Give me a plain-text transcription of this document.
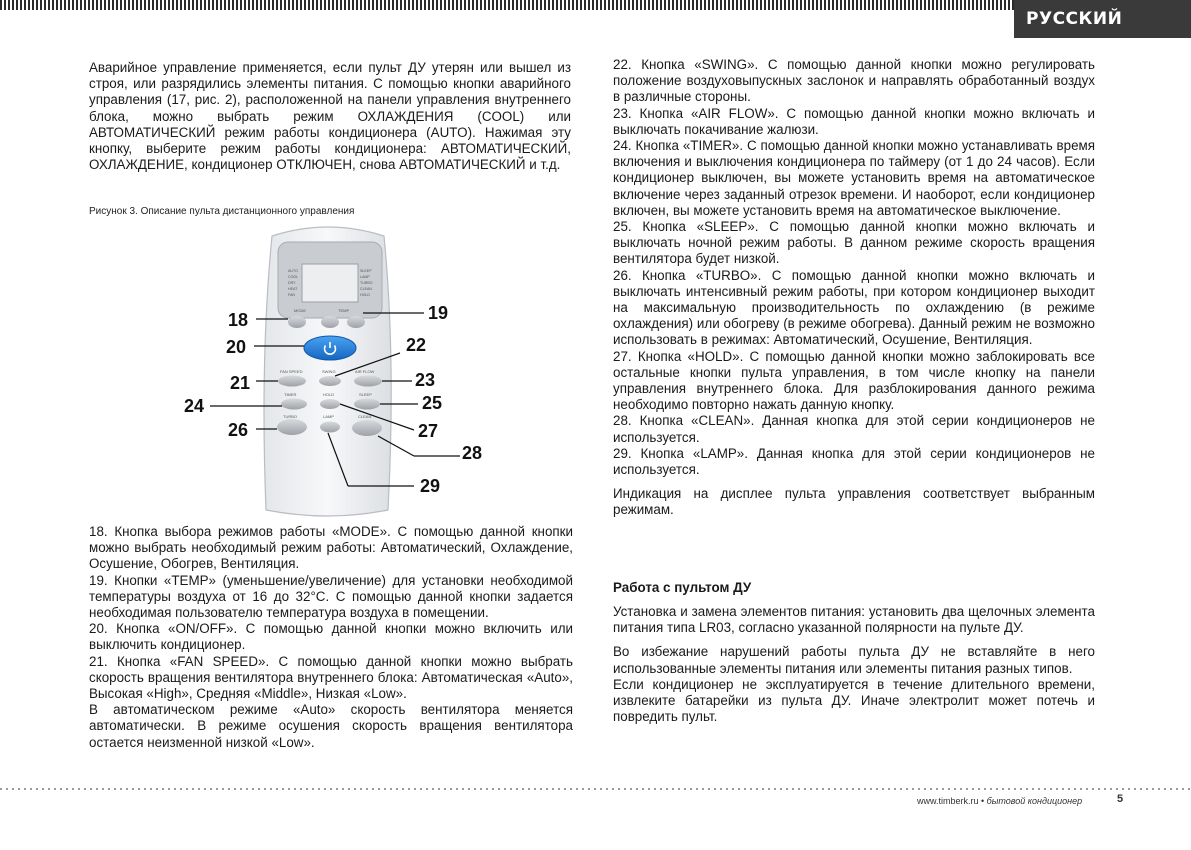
РУССКИЙ

Аварийное управление применяется, если пульт ДУ утерян или вышел из строя, или разрядились элементы питания. С помощью кнопки аварийного управления (17, рис. 2), расположенной на панели управления внутреннего блока, можно выбрать режим ОХЛАЖДЕНИЯ (COOL) или АВТОМАТИЧЕСКИЙ режим работы кондиционера (AUTO). Нажимая эту кнопку, выберите режим работы кондиционера: АВТОМАТИЧЕСКИЙ, ОХЛАЖДЕНИЕ, кондиционер ОТКЛЮЧЕН, снова АВТОМАТИЧЕСКИЙ и т.д.

Рисунок 3. Описание пульта дистанционного управления
AUTO
COOL
DRY
HEAT
FAN
SLEEP
LAMP
TURBO
CLEAN
HOLD
MODE	TEMP
FAN SPEED	SWING	AIR FLOW
TIMER	HOLD	SLEEP
TURBO	LAMP	CLEAN
18	19
20	22
21	23
24	25
26	27
28
29

18. Кнопка выбора режимов работы «MODE». С помощью данной кнопки можно выбрать необходимый режим работы: Автоматический, Охлаждение, Осушение, Обогрев, Вентиляция.

19. Кнопки «TEMP» (уменьшение/увеличение) для установки необходимой температуры воздуха от 16 до 32°C. С помощью данной кнопки задается необходимая пользователю температура воздуха в помещении.

20. Кнопка «ON/OFF». С помощью данной кнопки можно включить или выключить кондиционер.

21. Кнопка «FAN SPEED». С помощью данной кнопки можно выбрать скорость вращения вентилятора внутреннего блока: Автоматическая «Auto», Высокая «High», Средняя «Middle», Низкая «Low».

В автоматическом режиме «Auto» скорость вентилятора меняется автоматически. В режиме осушения скорость вращения вентилятора остается неизменной низкой «Low».

22. Кнопка «SWING». С помощью данной кнопки можно регулировать положение воздуховыпускных заслонок и направлять обработанный воздух в различные стороны.

23. Кнопка «AIR FLOW». С помощью данной кнопки можно включать и выключать покачивание жалюзи.

24. Кнопка «TIMER». С помощью данной кнопки можно устанавливать время включения и выключения кондиционера по таймеру (от 1 до 24 часов). Если кондиционер выключен, вы можете установить время на автоматическое включение через заданный отрезок времени. И наоборот, если кондиционер включен, вы можете установить время на автоматическое выключение.

25. Кнопка «SLEEP». С помощью данной кнопки можно включать и выключать ночной режим работы. В данном режиме скорость вращения вентилятора будет низкой.

26. Кнопка «TURBO». С помощью данной кнопки можно включать и выключать интенсивный режим работы, при котором кондиционер выходит на максимальную производительность по охлаждению (в режиме охлаждения) или обогреву (в режиме обогрева). Данный режим не возможно использовать в режимах: Автоматический, Осушение, Вентиляция.

27. Кнопка «HOLD». С помощью данной кнопки можно заблокировать все остальные кнопки пульта управления, в том числе кнопку на панели управления внутреннего блока. Для разблокирования данного режима необходимо повторно нажать данную кнопку.

28. Кнопка «CLEAN». Данная кнопка для этой серии кондиционеров не используется.

29. Кнопка «LAMP». Данная кнопка для этой серии кондиционеров не используется.

Индикация на дисплее пульта управления соответствует выбранным режимам.

Работа с пультом ДУ

Установка и замена элементов питания: установить два щелочных элемента питания типа LR03, согласно указанной полярности на пульте ДУ.

Во избежание нарушений работы пульта ДУ не вставляйте в него использованные элементы питания или элементы питания разных типов.

Если кондиционер не эксплуатируется в течение длительного времени, извлеките батарейки из пульта ДУ. Иначе электролит может потечь и повредить пульт.

www.timberk.ru • бытовой кондиционер	5
